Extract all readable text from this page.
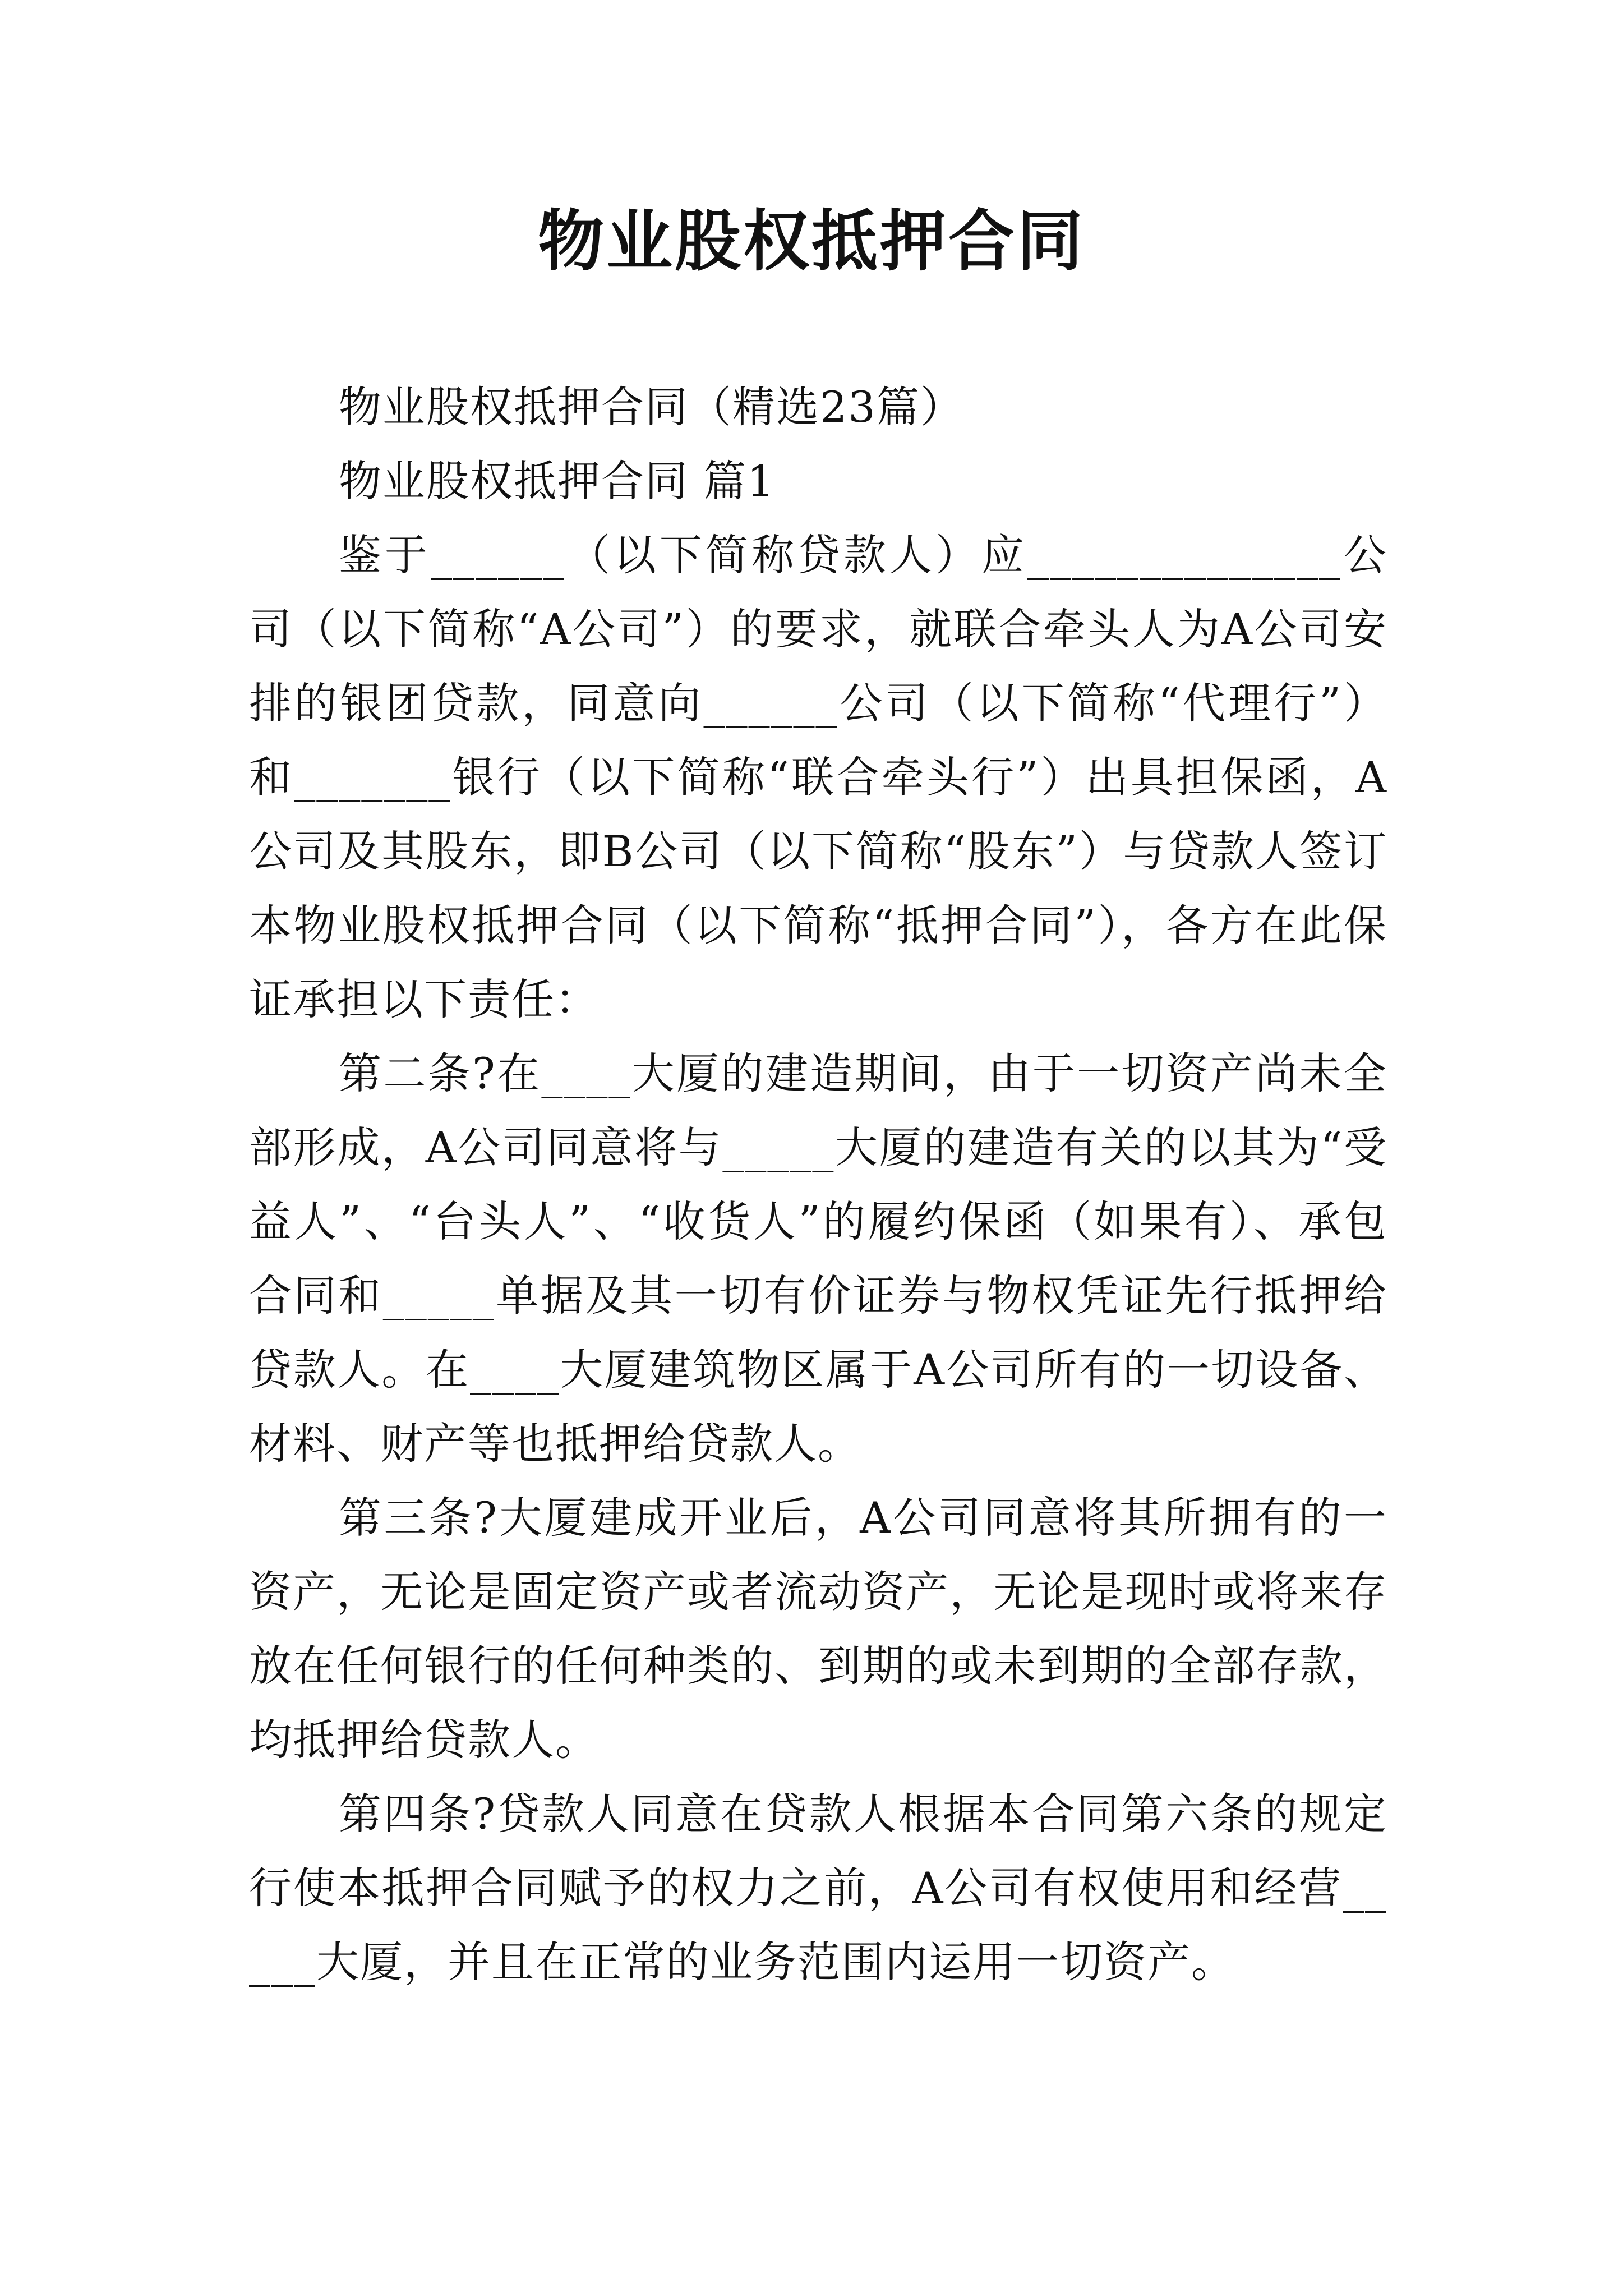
物业股权抵押合同

物业股权抵押合同（精选23篇）

物业股权抵押合同 篇1

鉴于______（以下简称贷款人）应______________公司（以下简称“A公司”）的要求，就联合牵头人为A公司安排的银团贷款，同意向______公司（以下简称“代理行”）和_______银行（以下简称“联合牵头行”）出具担保函，A公司及其股东，即B公司（以下简称“股东”）与贷款人签订本物业股权抵押合同（以下简称“抵押合同”），各方在此保证承担以下责任：

第二条?在____大厦的建造期间，由于一切资产尚未全部形成，A公司同意将与_____大厦的建造有关的以其为“受益人”、“台头人”、“收货人”的履约保函（如果有）、承包合同和_____单据及其一切有价证券与物权凭证先行抵押给贷款人。在____大厦建筑物区属于A公司所有的一切设备、材料、财产等也抵押给贷款人。

第三条?大厦建成开业后，A公司同意将其所拥有的一资产，无论是固定资产或者流动资产，无论是现时或将来存放在任何银行的任何种类的、到期的或未到期的全部存款，均抵押给贷款人。

第四条?贷款人同意在贷款人根据本合同第六条的规定行使本抵押合同赋予的权力之前，A公司有权使用和经营_____大厦，并且在正常的业务范围内运用一切资产。
